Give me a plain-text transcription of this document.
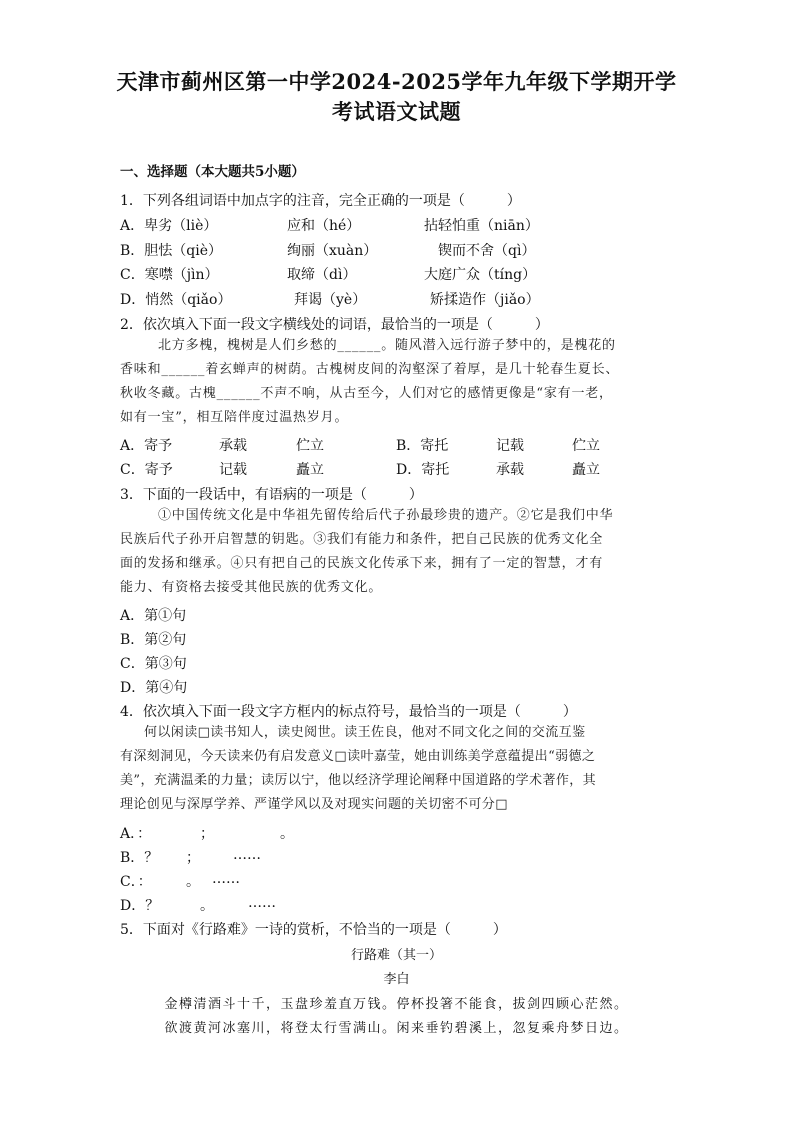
天津市蓟州区第一中学2024-2025学年九年级下学期开学
考试语文试题
一、选择题（本大题共5小题）
1．下列各组词语中加点字的注音，完全正确的一项是（　　　）
A．卑劣（liè）	应和（hé）	拈轻怕重（niān）
B．胆怯（qiè）	绚丽（xuàn）	锲而不舍（qì）
C．寒噤（jìn）	取缔（dì）	大庭广众（tíng）
D．悄然（qiǎo）	拜谒（yè）	矫揉造作（jiǎo）
2．依次填入下面一段文字横线处的词语，最恰当的一项是（　　　）

北方多槐，槐树是人们乡愁的______。随风潜入远行游子梦中的，是槐花的

香味和______着玄蝉声的树荫。古槐树皮间的沟壑深了着厚，是几十轮春生夏长、

秋收冬藏。古槐______不声不响，从古至今，人们对它的感情更像是“家有一老，

如有一宝”，相互陪伴度过温热岁月。

A．寄予	承载	伫立	B．寄托	记载	伫立
C．寄予	记载	矗立	D．寄托	承载	矗立
3．下面的一段话中，有语病的一项是（　　　）

①中国传统文化是中华祖先留传给后代子孙最珍贵的遗产。②它是我们中华

民族后代子孙开启智慧的钥匙。③我们有能力和条件，把自己民族的优秀文化全

面的发扬和继承。④只有把自己的民族文化传承下来，拥有了一定的智慧，才有

能力、有资格去接受其他民族的优秀文化。

A．第①句
B．第②句
C．第③句
D．第④句
4．依次填入下面一段文字方框内的标点符号，最恰当的一项是（　　　）

何以闲读□读书知人，读史阅世。读王佐良，他对不同文化之间的交流互鉴

有深刻洞见，今天读来仍有启发意义□读叶嘉莹，她由训练美学意蕴提出“弱德之

美”，充满温柔的力量；读厉以宁，他以经济学理论阐释中国道路的学术著作，其

理论创见与深厚学养、严谨学风以及对现实问题的关切密不可分□

A．：	；	。
B．？ ； ……
C．： 。 ……
D．？	。 ……
5．下面对《行路难》一诗的赏析，不恰当的一项是（　　　）
行路难（其一）
李白
金樽清酒斗十千，玉盘珍羞直万钱。停杯投箸不能食，拔剑四顾心茫然。
欲渡黄河冰塞川，将登太行雪满山。闲来垂钓碧溪上，忽复乘舟梦日边。
